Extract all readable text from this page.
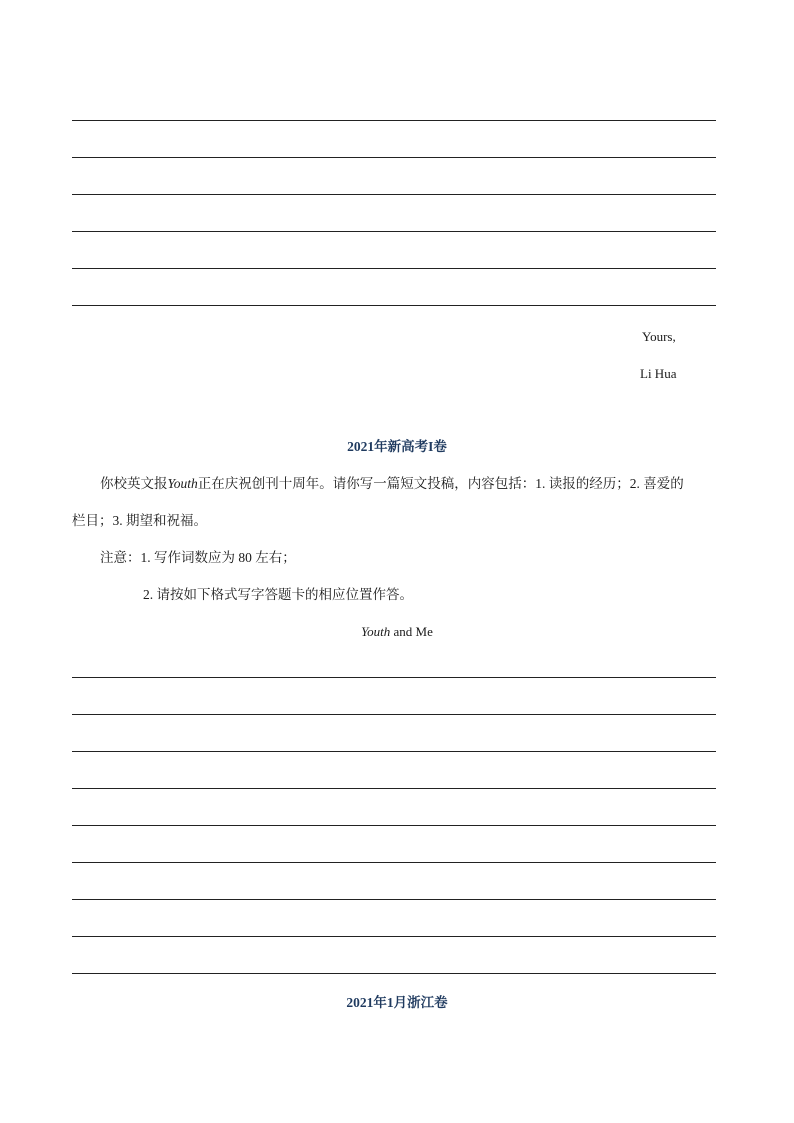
Yours,
Li Hua
2021年新高考I卷
你校英文报Youth正在庆祝创刊十周年。请你写一篇短文投稿，内容包括：1. 读报的经历；2. 喜爱的
栏目；3. 期望和祝福。
注意：1. 写作词数应为 80 左右；
2. 请按如下格式写字答题卡的相应位置作答。
Youth and Me
2021年1月浙江卷
